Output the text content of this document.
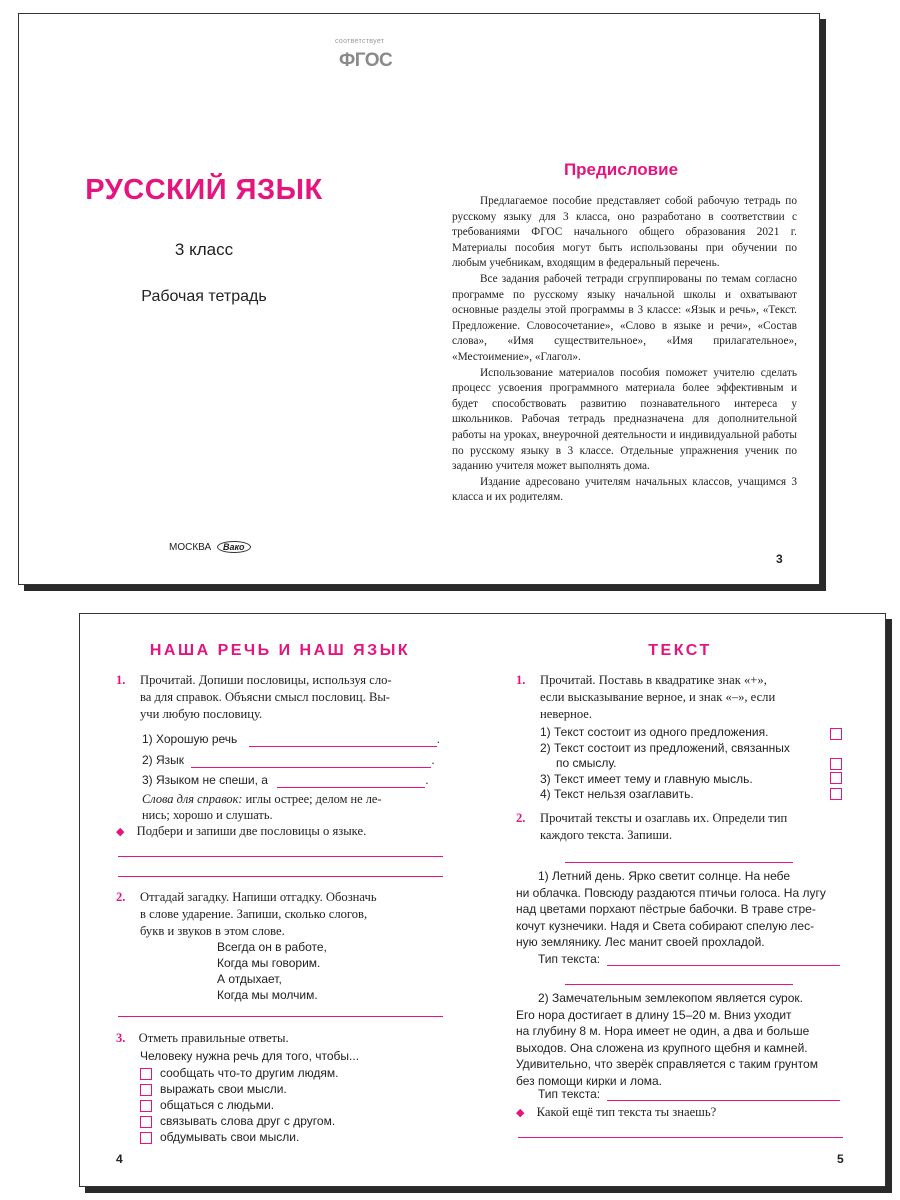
соответствует
ФГОС
РУССКИЙ ЯЗЫК
3 класс
Рабочая тетрадь
МОСКВА Вако
Предисловие

Предлагаемое пособие представляет собой рабочую тетрадь по русскому языку для 3 класса, оно разработано в соответствии с требованиями ФГОС начального общего образования 2021 г. Материалы пособия могут быть использованы при обучении по любым учебникам, входящим в федеральный перечень.

Все задания рабочей тетради сгруппированы по темам согласно программе по русскому языку начальной школы и охватывают основные разделы этой программы в 3 классе: «Язык и речь», «Текст. Предложение. Словосочетание», «Слово в языке и речи», «Состав слова», «Имя существительное», «Имя прилагательное», «Местоимение», «Глагол».

Использование материалов пособия поможет учителю сделать процесс усвоения программного материала более эффективным и будет способствовать развитию познавательного интереса у школьников. Рабочая тетрадь предназначена для дополнительной работы на уроках, внеурочной деятельности и индивидуальной работы по русскому языку в 3 классе. Отдельные упражнения ученик по заданию учителя может выполнять дома.

Издание адресовано учителям начальных классов, учащимся 3 класса и их родителям.

3
НАША РЕЧЬ И НАШ ЯЗЫК
1. Прочитай. Допиши пословицы, используя сло-
ва для справок. Объясни смысл пословиц. Вы-
учи любую пословицу.
1) Хорошую речь	.
2) Язык	.
3) Языком не спеши, а	.
Слова для справок: иглы острее; делом не ле-
нись; хорошо и слушать.
◆ Подбери и запиши две пословицы о языке.
2. Отгадай загадку. Напиши отгадку. Обозначь
в слове ударение. Запиши, сколько слогов,
букв и звуков в этом слове.
Всегда он в работе,
Когда мы говорим.
А отдыхает,
Когда мы молчим.
3. Отметь правильные ответы.
Человеку нужна речь для того, чтобы...
сообщать что-то другим людям.
выражать свои мысли.
общаться с людьми.
связывать слова друг с другом.
обдумывать свои мысли.
4
ТЕКСТ
1. Прочитай. Поставь в квадратике знак «+»,
если высказывание верное, и знак «–», если
неверное.
1) Текст состоит из одного предложения.
2) Текст состоит из предложений, связанных
по смыслу.
3) Текст имеет тему и главную мысль.
4) Текст нельзя озаглавить.
2. Прочитай тексты и озаглавь их. Определи тип
каждого текста. Запиши.
1) Летний день. Ярко светит солнце. На небе
ни облачка. Повсюду раздаются птичьи голоса. На лугу
над цветами порхают пёстрые бабочки. В траве стре-
кочут кузнечики. Надя и Света собирают спелую лес-
ную землянику. Лес манит своей прохладой.
Тип текста:
2) Замечательным землекопом является сурок.
Его нора достигает в длину 15–20 м. Вниз уходит
на глубину 8 м. Нора имеет не один, а два и больше
выходов. Она сложена из крупного щебня и камней.
Удивительно, что зверёк справляется с таким грунтом
без помощи кирки и лома.
Тип текста:
◆ Какой ещё тип текста ты знаешь?
5
